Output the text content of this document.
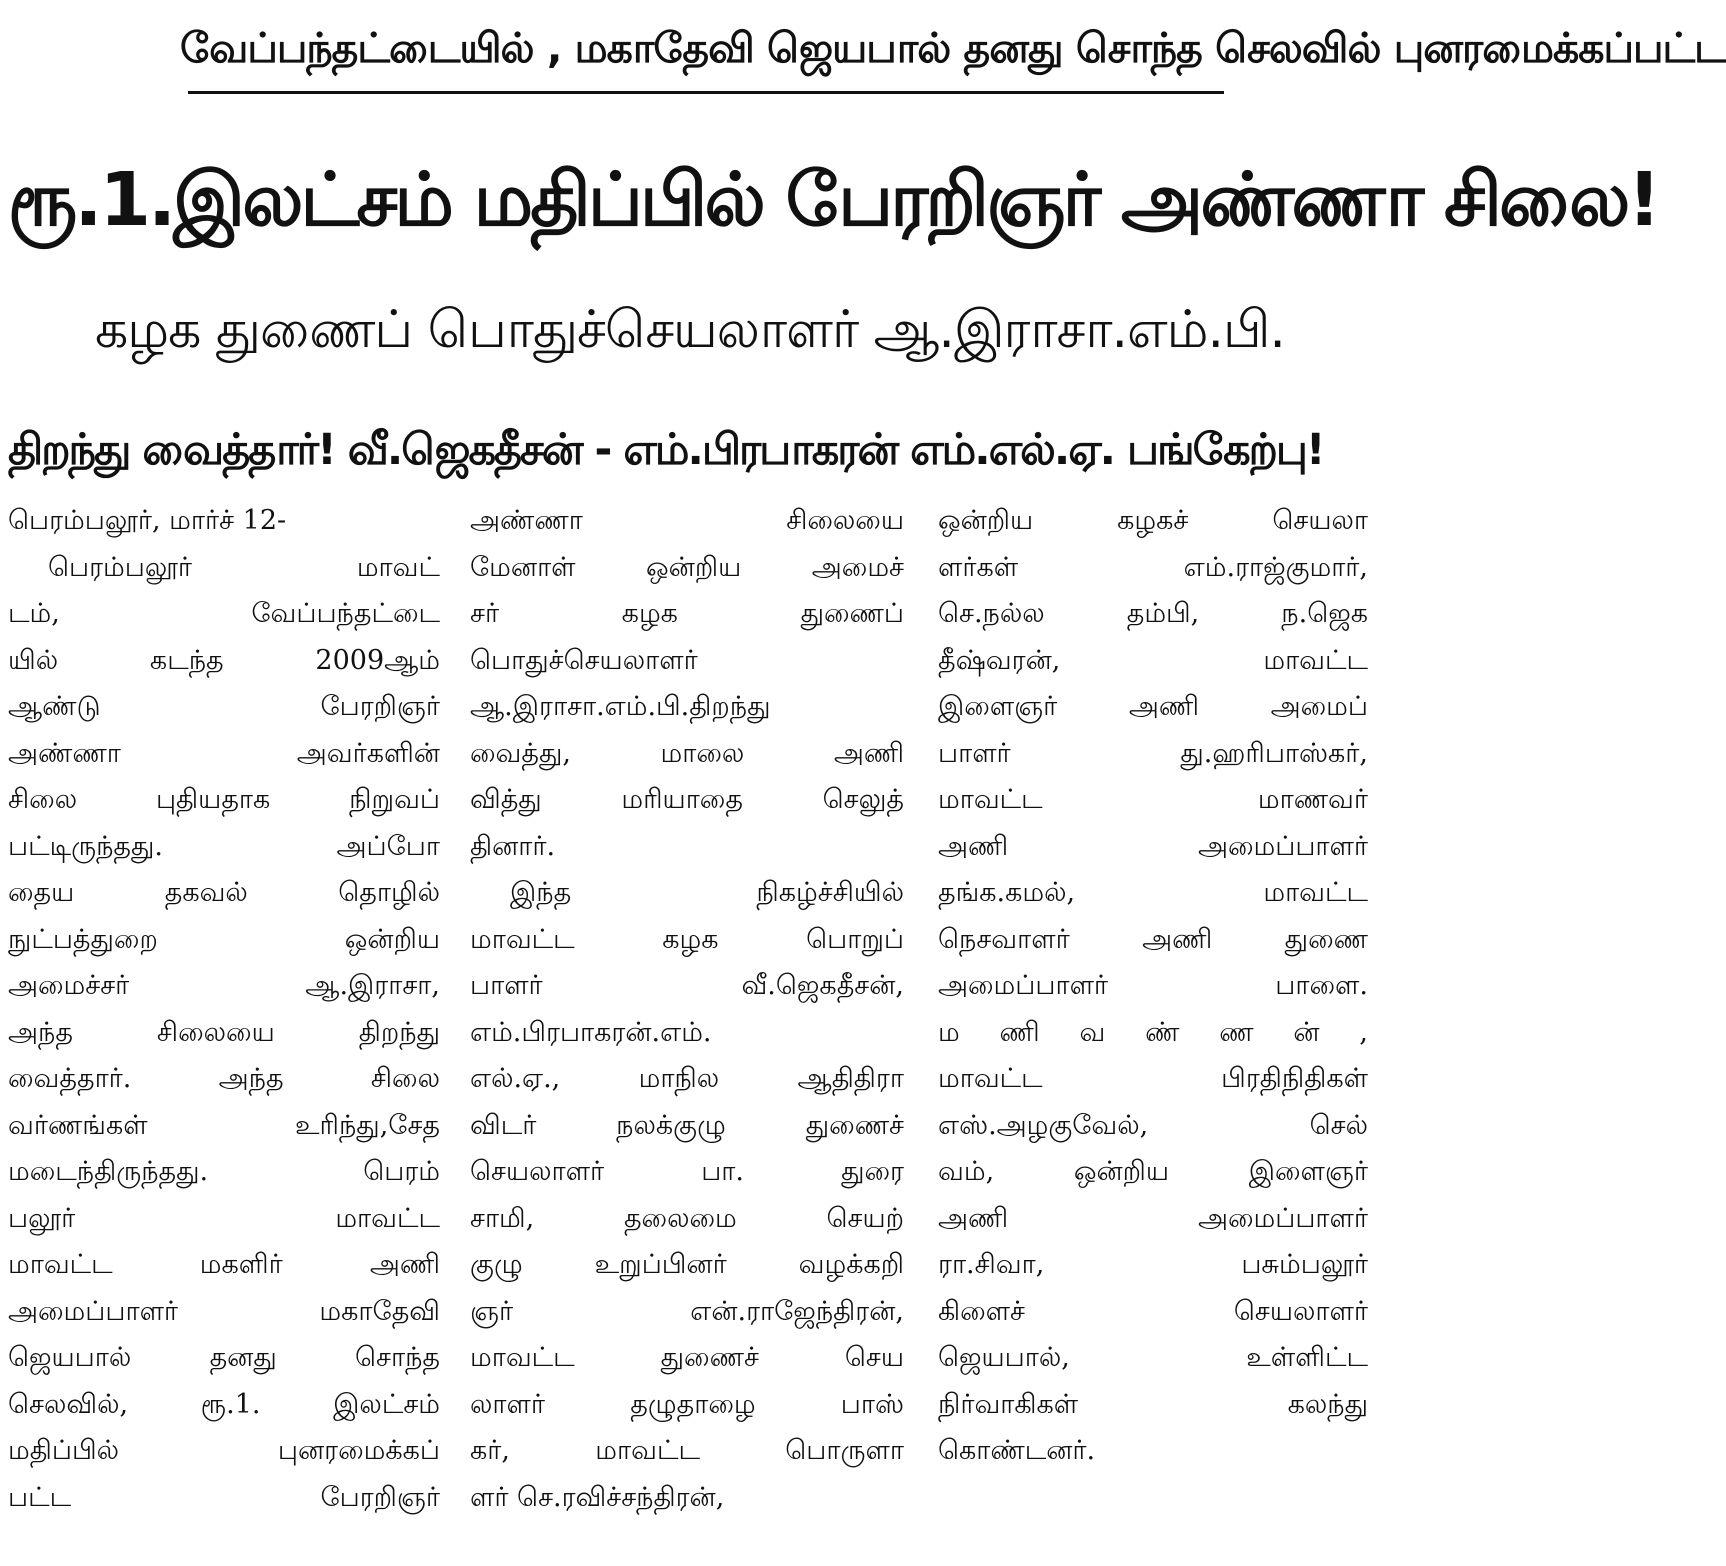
வேப்பந்தட்டையில் , மகாதேவி ஜெயபால் தனது சொந்த செலவில் புனரமைக்கப்பட்ட
ரூ.1.இலட்சம் மதிப்பில் பேரறிஞர் அண்ணா சிலை!
கழக துணைப் பொதுச்செயலாளர் ஆ.இராசா.எம்.பி.
திறந்து வைத்தார்! வீ.ஜெகதீசன் - எம்.பிரபாகரன் எம்.எல்.ஏ. பங்கேற்பு!
பெரம்பலூர், மார்ச் 12-
பெரம்பலூர் மாவட்
டம், வேப்பந்தட்டை
யில் கடந்த 2009ஆம்
ஆண்டு பேரறிஞர்
அண்ணா அவர்களின்
சிலை புதியதாக நிறுவப்
பட்டிருந்தது. அப்போ
தைய தகவல் தொழில்
நுட்பத்துறை ஒன்றிய
அமைச்சர் ஆ.இராசா,
அந்த சிலையை திறந்து
வைத்தார். அந்த சிலை
வர்ணங்கள் உரிந்து,சேத
மடைந்திருந்தது. பெரம்
பலூர் மாவட்ட
மாவட்ட மகளிர் அணி
அமைப்பாளர் மகாதேவி
ஜெயபால் தனது சொந்த
செலவில், ரூ.1. இலட்சம்
மதிப்பில் புனரமைக்கப்
பட்ட பேரறிஞர்
அண்ணா சிலையை
மேனாள் ஒன்றிய அமைச்
சர் கழக துணைப்
பொதுச்செயலாளர்
ஆ.இராசா.எம்.பி.திறந்து
வைத்து, மாலை அணி
வித்து மரியாதை செலுத்
தினார்.
இந்த நிகழ்ச்சியில்
மாவட்ட கழக பொறுப்
பாளர் வீ.ஜெகதீசன்,
எம்.பிரபாகரன்.எம்.
எல்.ஏ., மாநில ஆதிதிரா
விடர் நலக்குழு துணைச்
செயலாளர் பா. துரை
சாமி, தலைமை செயற்
குழு உறுப்பினர் வழக்கறி
ஞர் என்.ராஜேந்திரன்,
மாவட்ட துணைச் செய
லாளர் தழுதாழை பாஸ்
கர், மாவட்ட பொருளா
ளர் செ.ரவிச்சந்திரன்,
ஒன்றிய கழகச் செயலா
ளர்கள் எம்.ராஜ்குமார்,
செ.நல்ல தம்பி, ந.ஜெக
தீஷ்வரன், மாவட்ட
இளைஞர் அணி அமைப்
பாளர் து.ஹரிபாஸ்கர்,
மாவட்ட மாணவர்
அணி அமைப்பாளர்
தங்க.கமல், மாவட்ட
நெசவாளர் அணி துணை
அமைப்பாளர் பாளை.
ம ணி வ ண் ண ன் ,
மாவட்ட பிரதிநிதிகள்
எஸ்.அழகுவேல், செல்
வம், ஒன்றிய இளைஞர்
அணி அமைப்பாளர்
ரா.சிவா, பசும்பலூர்
கிளைச் செயலாளர்
ஜெயபால், உள்ளிட்ட
நிர்வாகிகள் கலந்து
கொண்டனர்.
